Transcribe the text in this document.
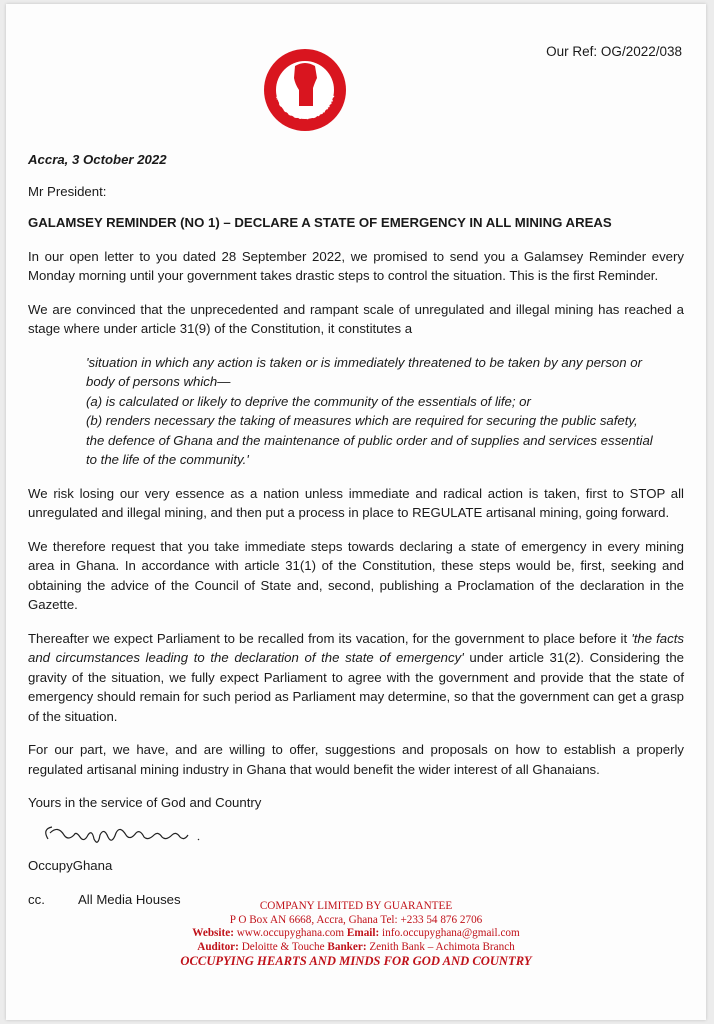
Our Ref: OG/2022/038
#OCCUPYGHANA
Accra, 3 October 2022
Mr President:
GALAMSEY REMINDER (NO 1) – DECLARE A STATE OF EMERGENCY IN ALL MINING AREAS

In our open letter to you dated 28 September 2022, we promised to send you a Galamsey Reminder every Monday morning until your government takes drastic steps to control the situation. This is the first Reminder.

We are convinced that the unprecedented and rampant scale of unregulated and illegal mining has reached a stage where under article 31(9) of the Constitution, it constitutes a

'situation in which any action is taken or is immediately threatened to be taken by any person or
body of persons which—
(a) is calculated or likely to deprive the community of the essentials of life; or
(b) renders necessary the taking of measures which are required for securing the public safety,
the defence of Ghana and the maintenance of public order and of supplies and services essential
to the life of the community.'

We risk losing our very essence as a nation unless immediate and radical action is taken, first to STOP all unregulated and illegal mining, and then put a process in place to REGULATE artisanal mining, going forward.

We therefore request that you take immediate steps towards declaring a state of emergency in every mining area in Ghana. In accordance with article 31(1) of the Constitution, these steps would be, first, seeking and obtaining the advice of the Council of State and, second, publishing a Proclamation of the declaration in the Gazette.

Thereafter we expect Parliament to be recalled from its vacation, for the government to place before it 'the facts and circumstances leading to the declaration of the state of emergency' under article 31(2). Considering the gravity of the situation, we fully expect Parliament to agree with the government and provide that the state of emergency should remain for such period as Parliament may determine, so that the government can get a grasp of the situation.

For our part, we have, and are willing to offer, suggestions and proposals on how to establish a properly regulated artisanal mining industry in Ghana that would benefit the wider interest of all Ghanaians.

Yours in the service of God and Country
OccupyGhana
cc.	All Media Houses	COMPANY LIMITED BY GUARANTEE
P O Box AN 6668, Accra, Ghana Tel: +233 54 876 2706
Website: www.occupyghana.com Email: info.occupyghana@gmail.com
Auditor: Deloitte & Touche Banker: Zenith Bank – Achimota Branch
OCCUPYING HEARTS AND MINDS FOR GOD AND COUNTRY
